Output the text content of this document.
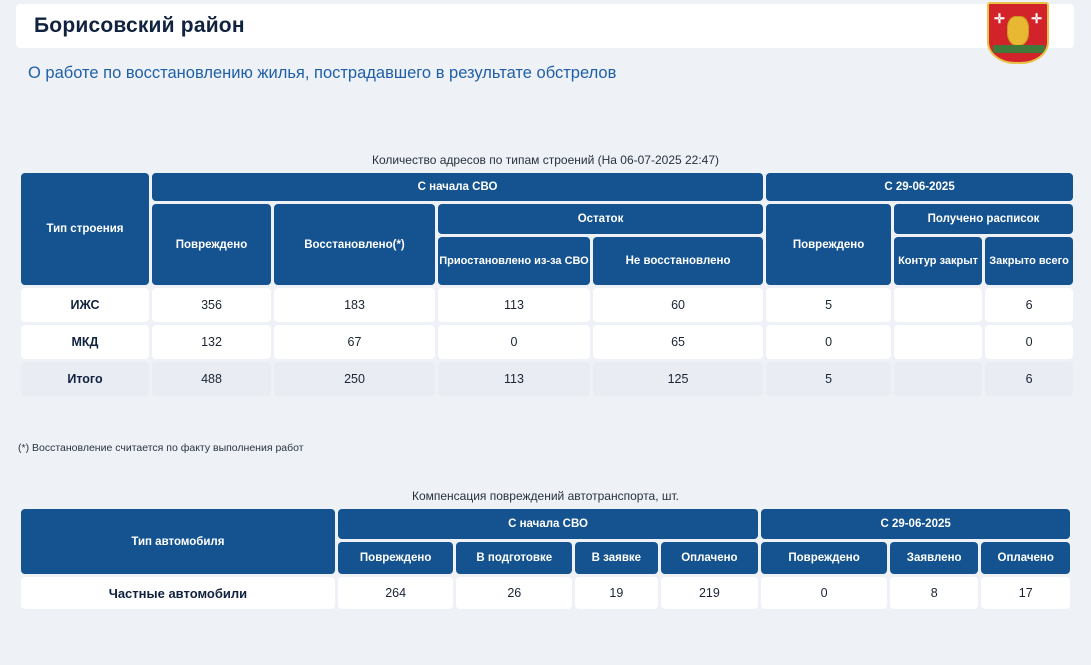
Борисовский район	✛ ✛
О работе по восстановлению жилья, пострадавшего в результате обстрелов
Количество адресов по типам строений (На 06-07-2025 22:47)
Тип строения	С начала СВО				С 29-06-2025		
	Повреждено	Восстановлено(*)	Остаток		Повреждено	Получено расписок	
			Приостановлено из-за СВО	Не восстановлено		Контур закрыт	Закрыто всего
ИЖС	356	183	113	60	5		6
МКД	132	67	0	65	0		0
Итого	488	250	113	125	5		6
(*) Восстановление считается по факту выполнения работ
Компенсация повреждений автотранспорта, шт.
Тип автомобиля	С начала СВО				С 29-06-2025		
	Повреждено	В подготовке	В заявке	Оплачено	Повреждено	Заявлено	Оплачено
Частные автомобили	264	26	19	219	0	8	17
